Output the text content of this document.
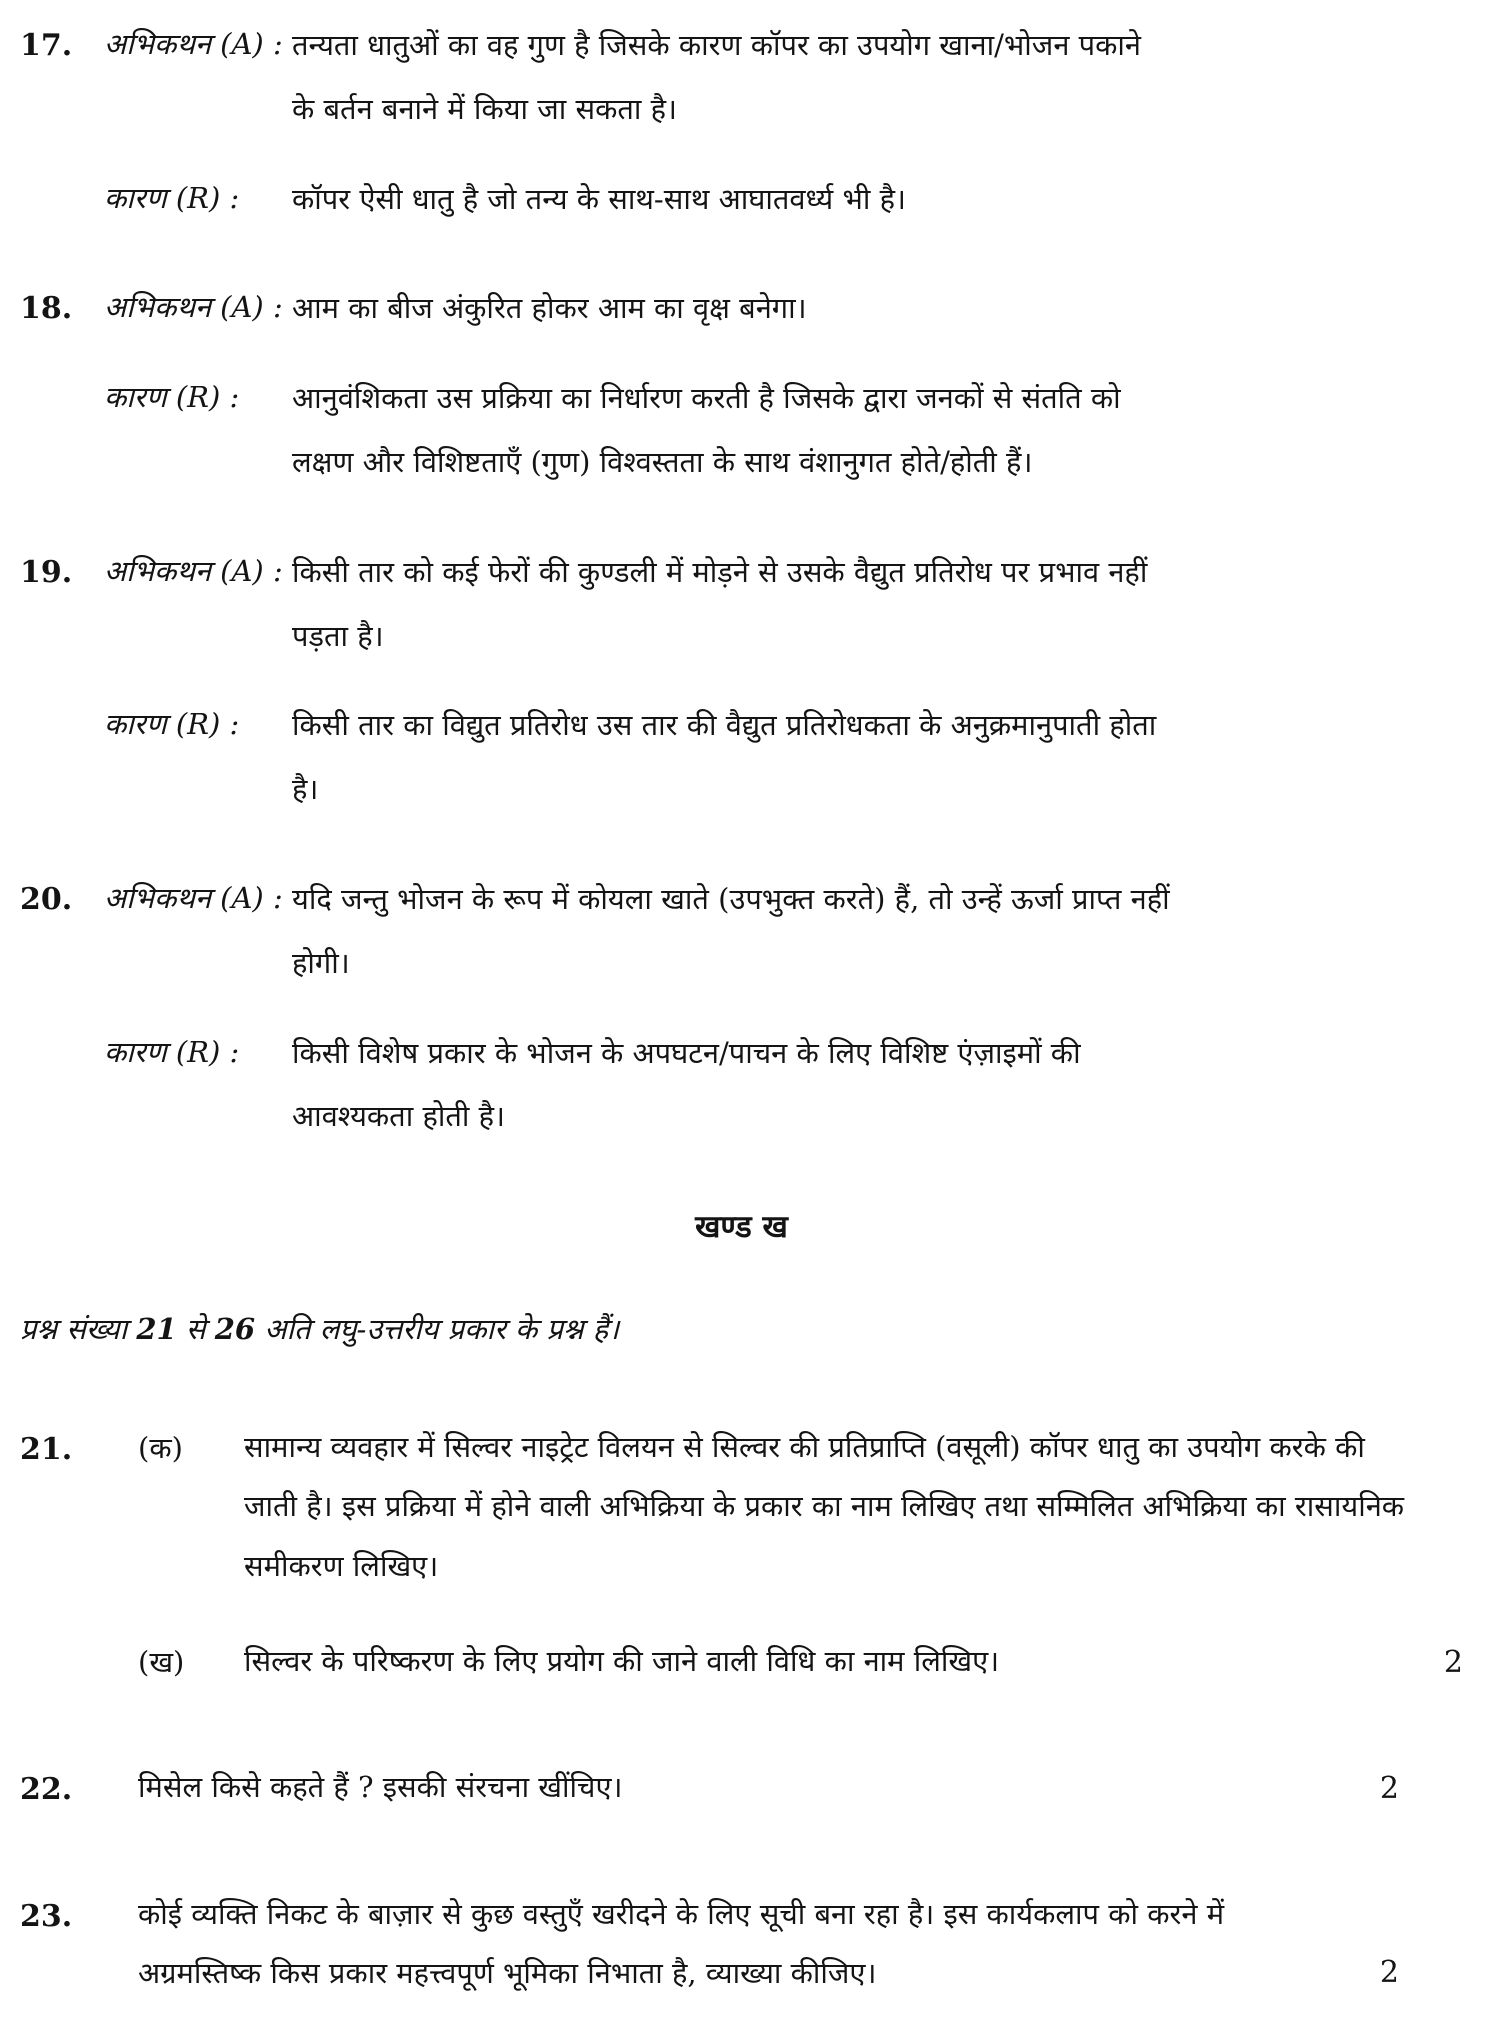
17.	अभिकथन (A) : तन्यता धातुओं का वह गुण है जिसके कारण कॉपर का उपयोग खाना/भोजन पकाने के बर्तन बनाने में किया जा सकता है।
कारण (R) :	कॉपर ऐसी धातु है जो तन्य के साथ-साथ आघातवर्ध्य भी है।
18.	अभिकथन (A) : आम का बीज अंकुरित होकर आम का वृक्ष बनेगा।
कारण (R) :	आनुवंशिकता उस प्रक्रिया का निर्धारण करती है जिसके द्वारा जनकों से संतति को लक्षण और विशिष्टताएँ (गुण) विश्वस्तता के साथ वंशानुगत होते/होती हैं।
19.	अभिकथन (A) : किसी तार को कई फेरों की कुण्डली में मोड़ने से उसके वैद्युत प्रतिरोध पर प्रभाव नहीं पड़ता है।
कारण (R) :	किसी तार का विद्युत प्रतिरोध उस तार की वैद्युत प्रतिरोधकता के अनुक्रमानुपाती होता है।
20.	अभिकथन (A) : यदि जन्तु भोजन के रूप में कोयला खाते (उपभुक्त करते) हैं, तो उन्हें ऊर्जा प्राप्त नहीं होगी।
कारण (R) :	किसी विशेष प्रकार के भोजन के अपघटन/पाचन के लिए विशिष्ट एंज़ाइमों की आवश्यकता होती है।
खण्ड ख
प्रश्न संख्या 21 से 26 अति लघु-उत्तरीय प्रकार के प्रश्न हैं।
21.	(क)	सामान्य व्यवहार में सिल्वर नाइट्रेट विलयन से सिल्वर की प्रतिप्राप्ति (वसूली) कॉपर धातु का उपयोग करके की जाती है। इस प्रक्रिया में होने वाली अभिक्रिया के प्रकार का नाम लिखिए तथा सम्मिलित अभिक्रिया का रासायनिक समीकरण लिखिए।
(ख)	सिल्वर के परिष्करण के लिए प्रयोग की जाने वाली विधि का नाम लिखिए।	2
22.	मिसेल किसे कहते हैं ? इसकी संरचना खींचिए।	2
23.	कोई व्यक्ति निकट के बाज़ार से कुछ वस्तुएँ खरीदने के लिए सूची बना रहा है। इस कार्यकलाप को करने में अग्रमस्तिष्क किस प्रकार महत्त्वपूर्ण भूमिका निभाता है, व्याख्या कीजिए।	2
